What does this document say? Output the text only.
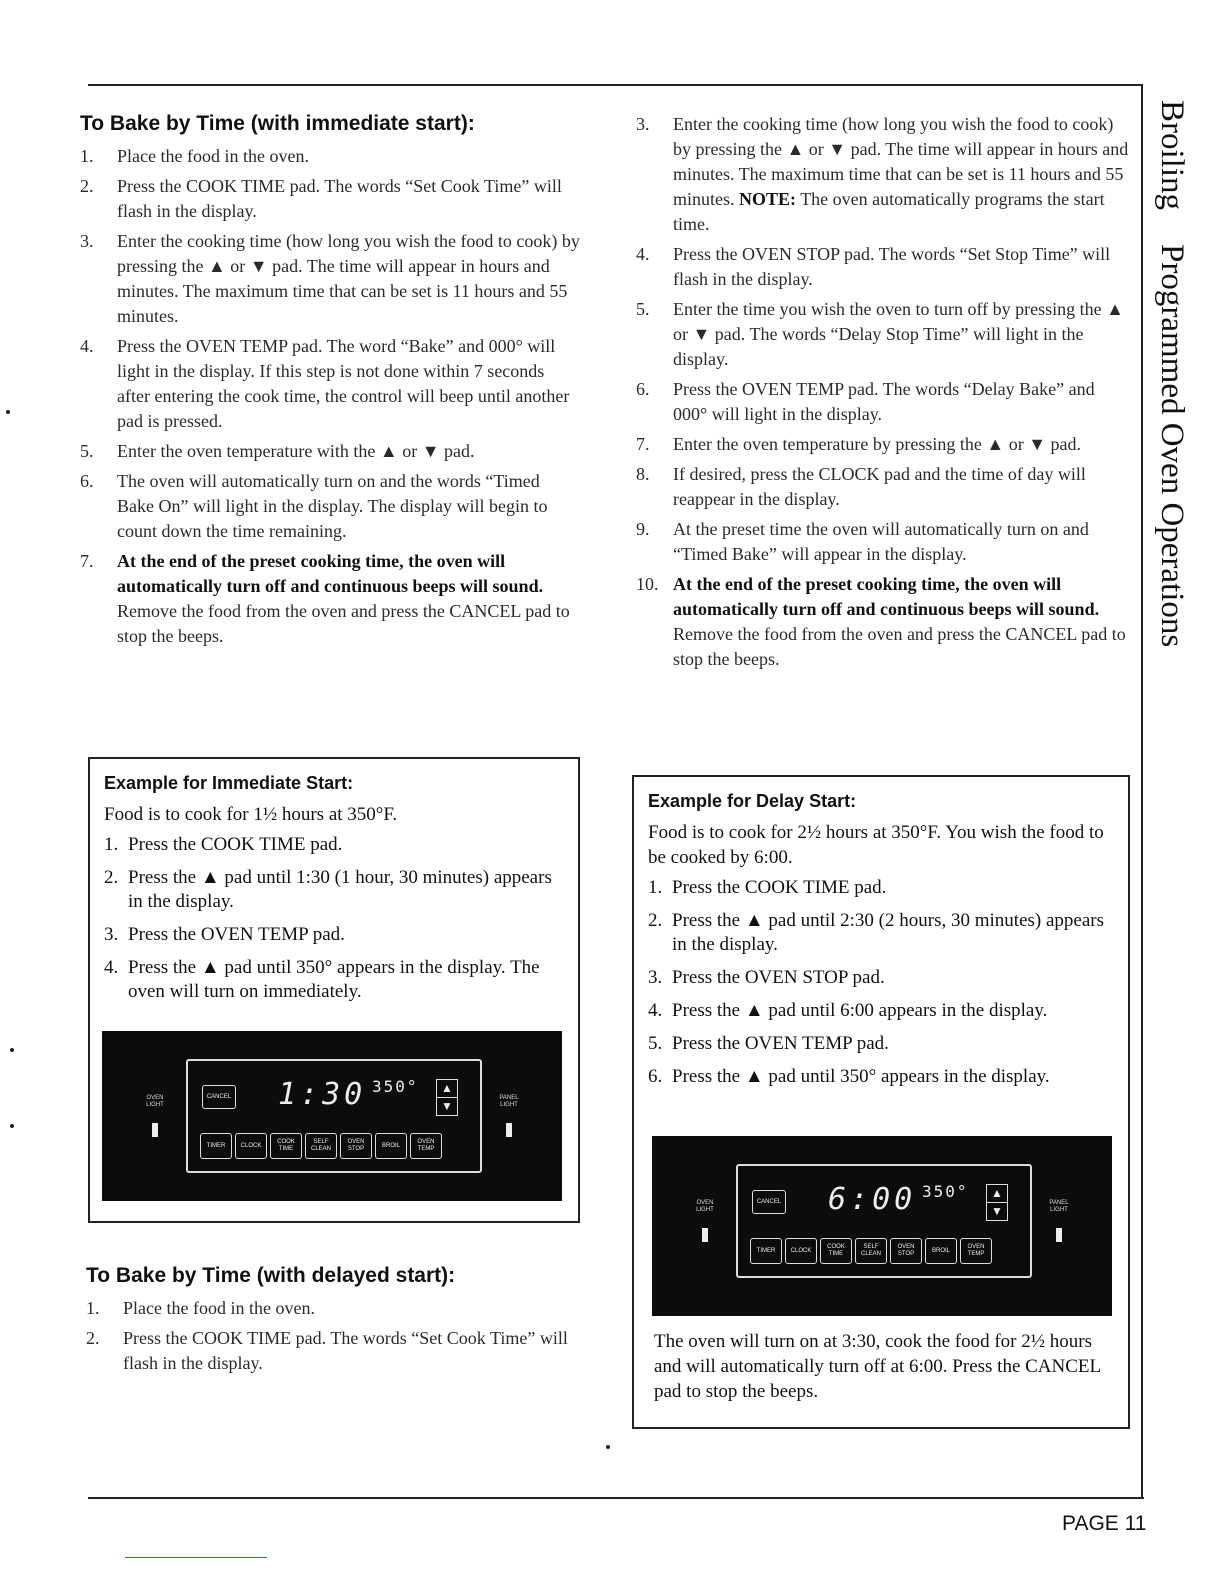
BroilingProgrammed Oven Operations
To Bake by Time (with immediate start):
1.	Place the food in the oven.
2.	Press the COOK TIME pad. The words “Set Cook Time” will flash in the display.
3.	Enter the cooking time (how long you wish the food to cook) by pressing the ▲ or ▼ pad. The time will appear in hours and minutes. The maximum time that can be set is 11 hours and 55 minutes.
4.	Press the OVEN TEMP pad. The word “Bake” and 000° will light in the display. If this step is not done within 7 seconds after entering the cook time, the control will beep until another pad is pressed.
5.	Enter the oven temperature with the ▲ or ▼ pad.
6.	The oven will automatically turn on and the words “Timed Bake On” will light in the display. The display will begin to count down the time remaining.
7.	At the end of the preset cooking time, the oven will automatically turn off and continuous beeps will sound. Remove the food from the oven and press the CANCEL pad to stop the beeps.
Example for Immediate Start:
Food is to cook for 1½ hours at 350°F.
1. Press the COOK TIME pad.
2. Press the ▲ pad until 1:30 (1 hour, 30 minutes) appears in the display.
3. Press the OVEN TEMP pad.
4. Press the ▲ pad until 350° appears in the display. The oven will turn on immediately.
OVEN LIGHT
PANEL LIGHT
CANCEL 1:30 350°	▲
▼
TIMER	CLOCK
COOK TIME
SELF CLEAN
OVEN STOP
BROIL
OVEN TEMP
To Bake by Time (with delayed start):
1.	Place the food in the oven.
2.	Press the COOK TIME pad. The words “Set Cook Time” will flash in the display.
3.	Enter the cooking time (how long you wish the food to cook) by pressing the ▲ or ▼ pad. The time will appear in hours and minutes. The maximum time that can be set is 11 hours and 55 minutes. NOTE: The oven automatically programs the start time.
4.	Press the OVEN STOP pad. The words “Set Stop Time” will flash in the display.
5.	Enter the time you wish the oven to turn off by pressing the ▲ or ▼ pad. The words “Delay Stop Time” will light in the display.
6.	Press the OVEN TEMP pad. The words “Delay Bake” and 000° will light in the display.
7.	Enter the oven temperature by pressing the ▲ or ▼ pad.
8.	If desired, press the CLOCK pad and the time of day will reappear in the display.
9.	At the preset time the oven will automatically turn on and “Timed Bake” will appear in the display.
10. At the end of the preset cooking time, the oven will automatically turn off and continuous beeps will sound. Remove the food from the oven and press the CANCEL pad to stop the beeps.
Example for Delay Start:
Food is to cook for 2½ hours at 350°F. You wish the food to be cooked by 6:00.
1. Press the COOK TIME pad.
2. Press the ▲ pad until 2:30 (2 hours, 30 minutes) appears in the display.
3. Press the OVEN STOP pad.
4. Press the ▲ pad until 6:00 appears in the display.
5. Press the OVEN TEMP pad.
6. Press the ▲ pad until 350° appears in the display.
The oven will turn on at 3:30, cook the food for 2½ hours and will automatically turn off at 6:00. Press the CANCEL pad to stop the beeps.
OVEN LIGHT
PANEL LIGHT
CANCEL 6:00 350°	▲
▼
TIMER	CLOCK
COOK TIME
SELF CLEAN
OVEN STOP
BROIL
OVEN TEMP
PAGE 11
